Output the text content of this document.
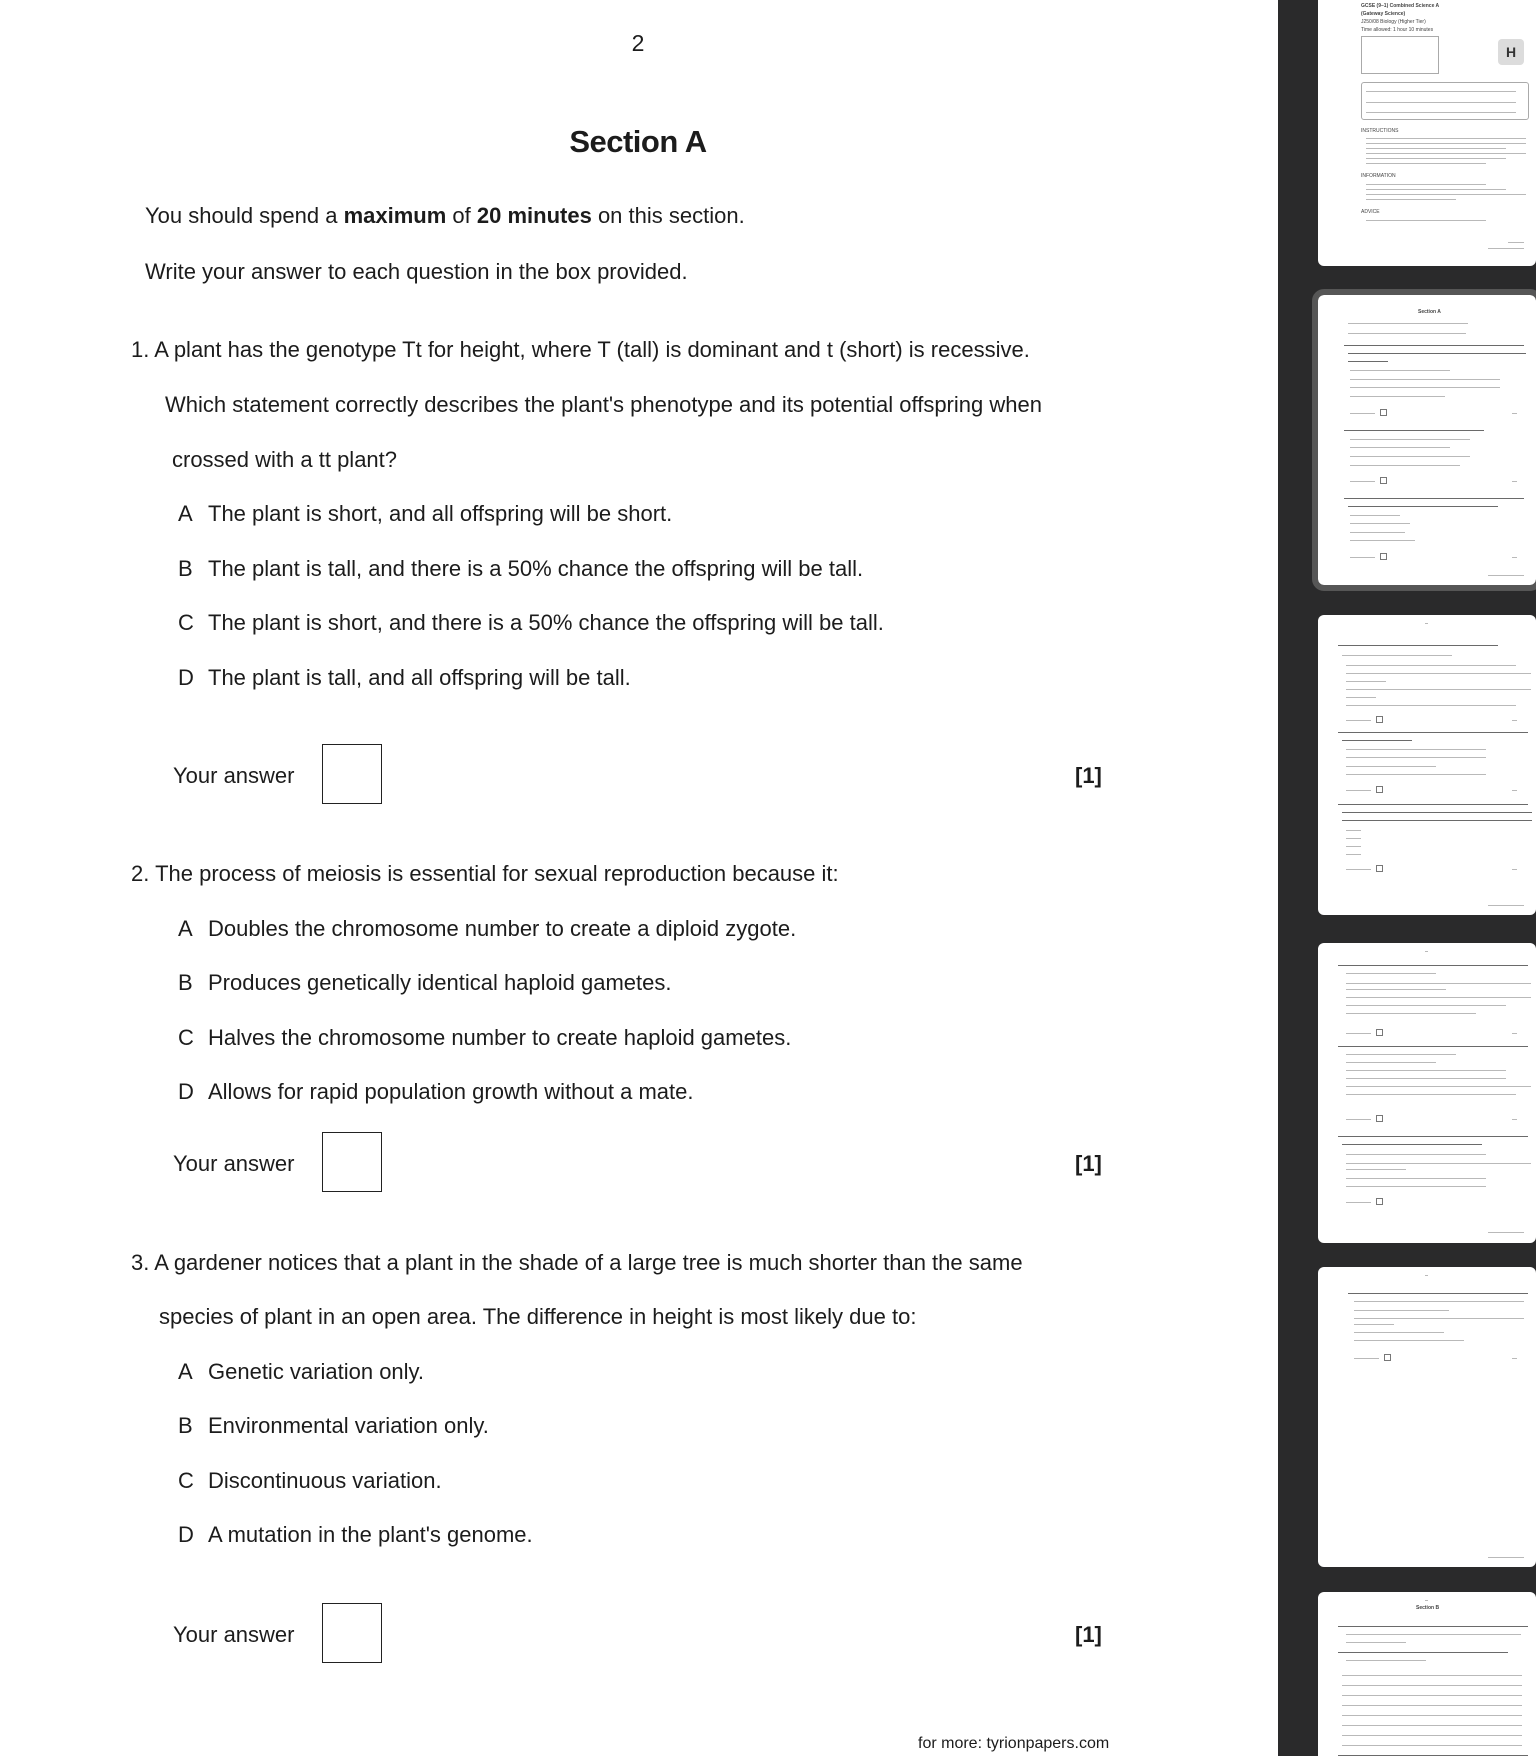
2
Section A
You should spend a maximum of 20 minutes on this section.
Write your answer to each question in the box provided.
1. A plant has the genotype Tt for height, where T (tall) is dominant and t (short) is recessive.
Which statement correctly describes the plant's phenotype and its potential offspring when
crossed with a tt plant?
A The plant is short, and all offspring will be short.
B The plant is tall, and there is a 50% chance the offspring will be tall.
C The plant is short, and there is a 50% chance the offspring will be tall.
D The plant is tall, and all offspring will be tall.
Your answer	[1]
2. The process of meiosis is essential for sexual reproduction because it:
A Doubles the chromosome number to create a diploid zygote.
B Produces genetically identical haploid gametes.
C Halves the chromosome number to create haploid gametes.
D Allows for rapid population growth without a mate.
Your answer	[1]
3. A gardener notices that a plant in the shade of a large tree is much shorter than the same
species of plant in an open area. The difference in height is most likely due to:
A Genetic variation only.
B Environmental variation only.
C Discontinuous variation.
D A mutation in the plant's genome.
Your answer	[1]
for more: tyrionpapers.com
GCSE (9–1) Combined Science A
(Gateway Science)
J250/08 Biology (Higher Tier)
Time allowed: 1 hour 10 minutes
H
INSTRUCTIONS
INFORMATION
ADVICE
Section A
Section B
